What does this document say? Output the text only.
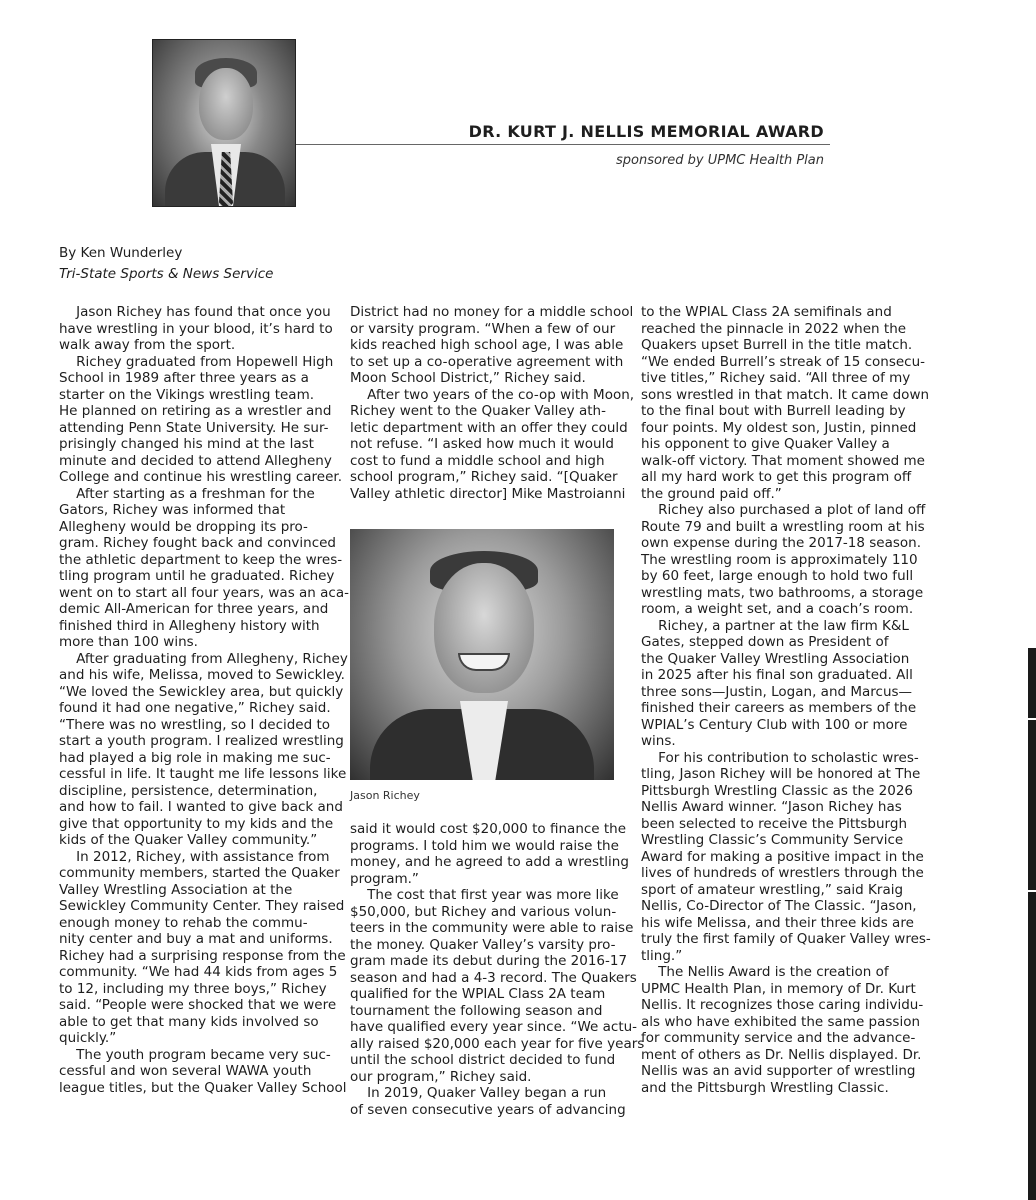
DR. KURT J. NELLIS MEMORIAL AWARD
sponsored by UPMC Health Plan
By Ken Wunderley
Tri-State Sports & News Service
Jason Richey has found that once you
have wrestling in your blood, it’s hard to
walk away from the sport.
Richey graduated from Hopewell High
School in 1989 after three years as a
starter on the Vikings wrestling team.
He planned on retiring as a wrestler and
attending Penn State University. He sur-
prisingly changed his mind at the last
minute and decided to attend Allegheny
College and continue his wrestling career.
After starting as a freshman for the
Gators, Richey was informed that
Allegheny would be dropping its pro-
gram. Richey fought back and convinced
the athletic department to keep the wres-
tling program until he graduated. Richey
went on to start all four years, was an aca-
demic All-American for three years, and
finished third in Allegheny history with
more than 100 wins.
After graduating from Allegheny, Richey
and his wife, Melissa, moved to Sewickley.
“We loved the Sewickley area, but quickly
found it had one negative,” Richey said.
“There was no wrestling, so I decided to
start a youth program. I realized wrestling
had played a big role in making me suc-
cessful in life. It taught me life lessons like
discipline, persistence, determination,
and how to fail. I wanted to give back and
give that opportunity to my kids and the
kids of the Quaker Valley community.”
In 2012, Richey, with assistance from
community members, started the Quaker
Valley Wrestling Association at the
Sewickley Community Center. They raised
enough money to rehab the commu-
nity center and buy a mat and uniforms.
Richey had a surprising response from the
community. “We had 44 kids from ages 5
to 12, including my three boys,” Richey
said. “People were shocked that we were
able to get that many kids involved so
quickly.”
The youth program became very suc-
cessful and won several WAWA youth
league titles, but the Quaker Valley School
District had no money for a middle school
or varsity program. “When a few of our
kids reached high school age, I was able
to set up a co-operative agreement with
Moon School District,” Richey said.
After two years of the co-op with Moon,
Richey went to the Quaker Valley ath-
letic department with an offer they could
not refuse. “I asked how much it would
cost to fund a middle school and high
school program,” Richey said. “[Quaker
Valley athletic director] Mike Mastroianni
Jason Richey
said it would cost $20,000 to finance the
programs. I told him we would raise the
money, and he agreed to add a wrestling
program.”
The cost that first year was more like
$50,000, but Richey and various volun-
teers in the community were able to raise
the money. Quaker Valley’s varsity pro-
gram made its debut during the 2016-17
season and had a 4-3 record. The Quakers
qualified for the WPIAL Class 2A team
tournament the following season and
have qualified every year since. “We actu-
ally raised $20,000 each year for five years
until the school district decided to fund
our program,” Richey said.
In 2019, Quaker Valley began a run
of seven consecutive years of advancing
to the WPIAL Class 2A semifinals and
reached the pinnacle in 2022 when the
Quakers upset Burrell in the title match.
“We ended Burrell’s streak of 15 consecu-
tive titles,” Richey said. “All three of my
sons wrestled in that match. It came down
to the final bout with Burrell leading by
four points. My oldest son, Justin, pinned
his opponent to give Quaker Valley a
walk-off victory. That moment showed me
all my hard work to get this program off
the ground paid off.”
Richey also purchased a plot of land off
Route 79 and built a wrestling room at his
own expense during the 2017-18 season.
The wrestling room is approximately 110
by 60 feet, large enough to hold two full
wrestling mats, two bathrooms, a storage
room, a weight set, and a coach’s room.
Richey, a partner at the law firm K&L
Gates, stepped down as President of
the Quaker Valley Wrestling Association
in 2025 after his final son graduated. All
three sons—Justin, Logan, and Marcus—
finished their careers as members of the
WPIAL’s Century Club with 100 or more
wins.
For his contribution to scholastic wres-
tling, Jason Richey will be honored at The
Pittsburgh Wrestling Classic as the 2026
Nellis Award winner. “Jason Richey has
been selected to receive the Pittsburgh
Wrestling Classic’s Community Service
Award for making a positive impact in the
lives of hundreds of wrestlers through the
sport of amateur wrestling,” said Kraig
Nellis, Co-Director of The Classic. “Jason,
his wife Melissa, and their three kids are
truly the first family of Quaker Valley wres-
tling.”
The Nellis Award is the creation of
UPMC Health Plan, in memory of Dr. Kurt
Nellis. It recognizes those caring individu-
als who have exhibited the same passion
for community service and the advance-
ment of others as Dr. Nellis displayed. Dr.
Nellis was an avid supporter of wrestling
and the Pittsburgh Wrestling Classic.
